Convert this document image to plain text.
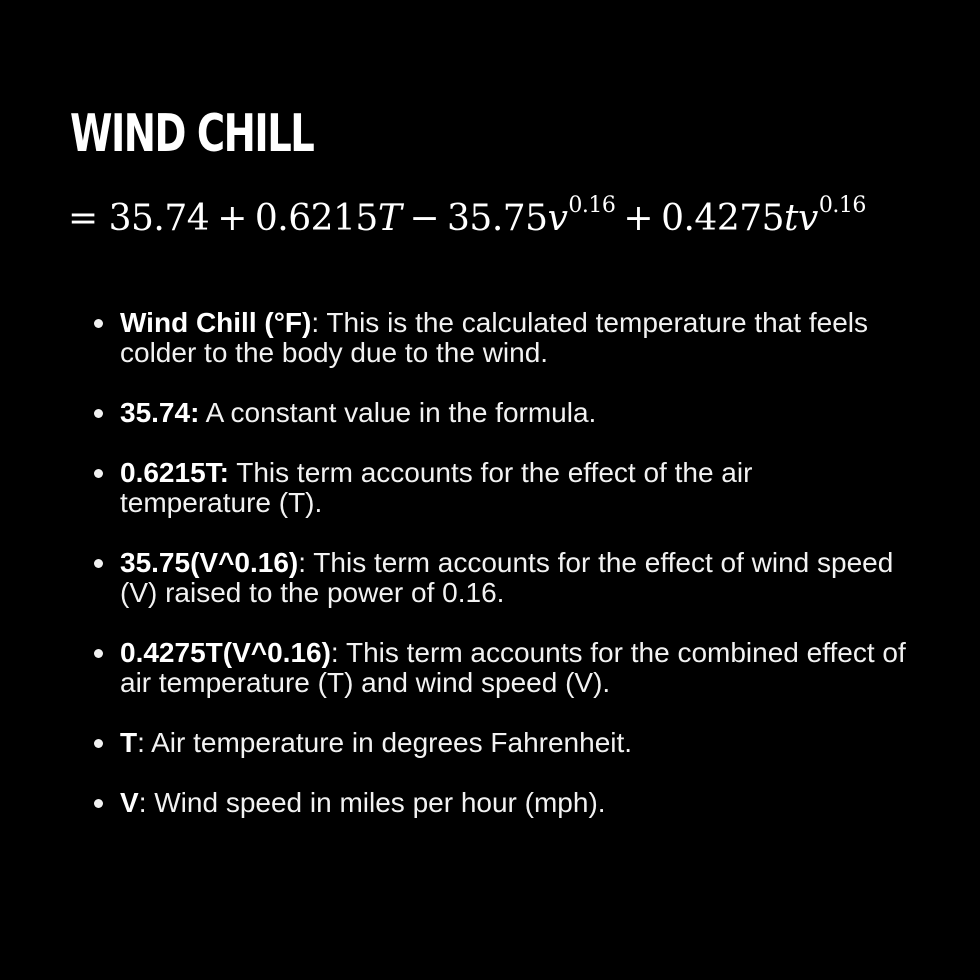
WIND CHILL
= $35.74 + 0.6215T - 35.75v^{0.16} + 0.4275tv^{0.16}$
Wind Chill (°F): This is the calculated temperature that feels colder to the body due to the wind.
35.74: A constant value in the formula.
0.6215T: This term accounts for the effect of the air temperature (T).
35.75(V^0.16): This term accounts for the effect of wind speed (V) raised to the power of 0.16.
0.4275T(V^0.16): This term accounts for the combined effect of air temperature (T) and wind speed (V).
T: Air temperature in degrees Fahrenheit.
V: Wind speed in miles per hour (mph).
